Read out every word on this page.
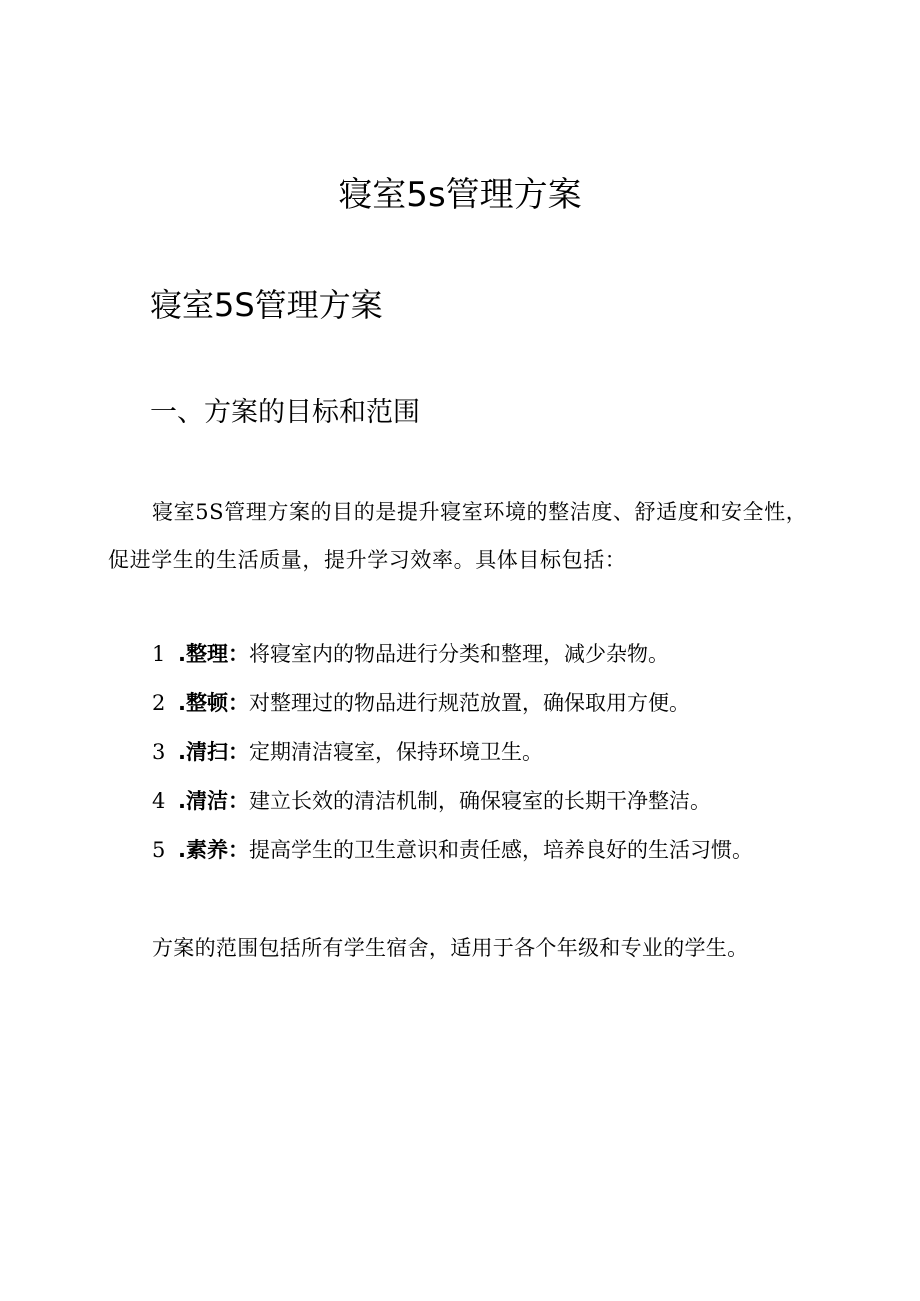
寝室5s管理方案
寝室5S管理方案
一、方案的目标和范围

寝室5S管理方案的目的是提升寝室环境的整洁度、舒适度和安全性，促进学生的生活质量，提升学习效率。具体目标包括：

1 .整理：将寝室内的物品进行分类和整理，减少杂物。
2 .整顿：对整理过的物品进行规范放置，确保取用方便。
3 .清扫：定期清洁寝室，保持环境卫生。
4 .清洁：建立长效的清洁机制，确保寝室的长期干净整洁。
5 .素养：提高学生的卫生意识和责任感，培养良好的生活习惯。

方案的范围包括所有学生宿舍，适用于各个年级和专业的学生。
